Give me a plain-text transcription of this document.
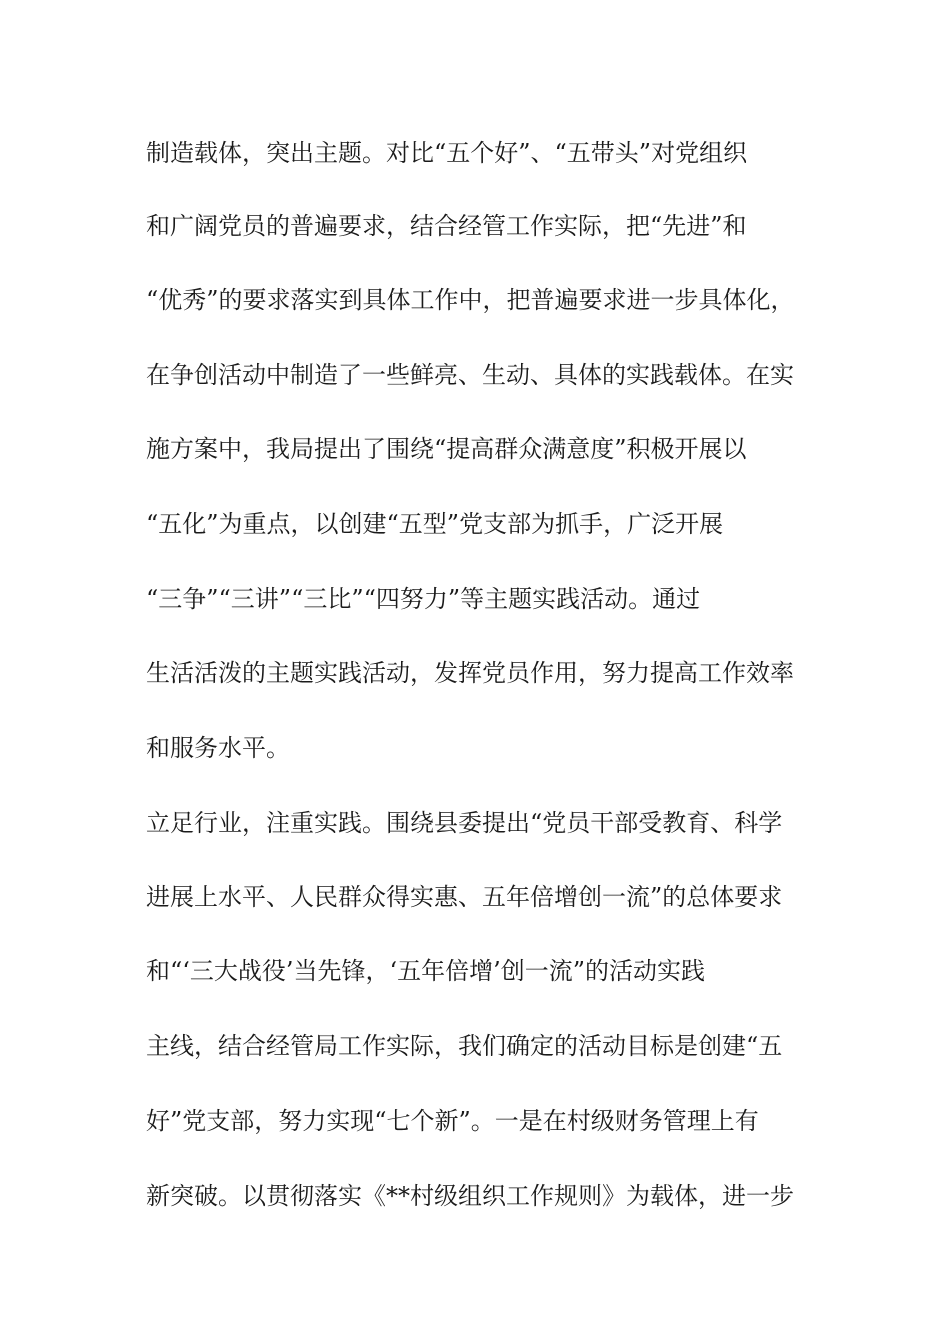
制造载体，突出主题。对比“五个好”、“五带头”对党组织
和广阔党员的普遍要求，结合经管工作实际，把“先进”和
“优秀”的要求落实到具体工作中，把普遍要求进一步具体化，
在争创活动中制造了一些鲜亮、生动、具体的实践载体。在实
施方案中，我局提出了围绕“提高群众满意度”积极开展以
“五化”为重点，以创建“五型”党支部为抓手，广泛开展
“三争”“三讲”“三比”“四努力”等主题实践活动。通过
生活活泼的主题实践活动，发挥党员作用，努力提高工作效率
和服务水平。
立足行业，注重实践。围绕县委提出“党员干部受教育、科学
进展上水平、人民群众得实惠、五年倍增创一流”的总体要求
和“‘三大战役’当先锋，‘五年倍增’创一流”的活动实践
主线，结合经管局工作实际，我们确定的活动目标是创建“五
好”党支部，努力实现“七个新”。一是在村级财务管理上有
新突破。以贯彻落实《**村级组织工作规则》为载体，进一步
